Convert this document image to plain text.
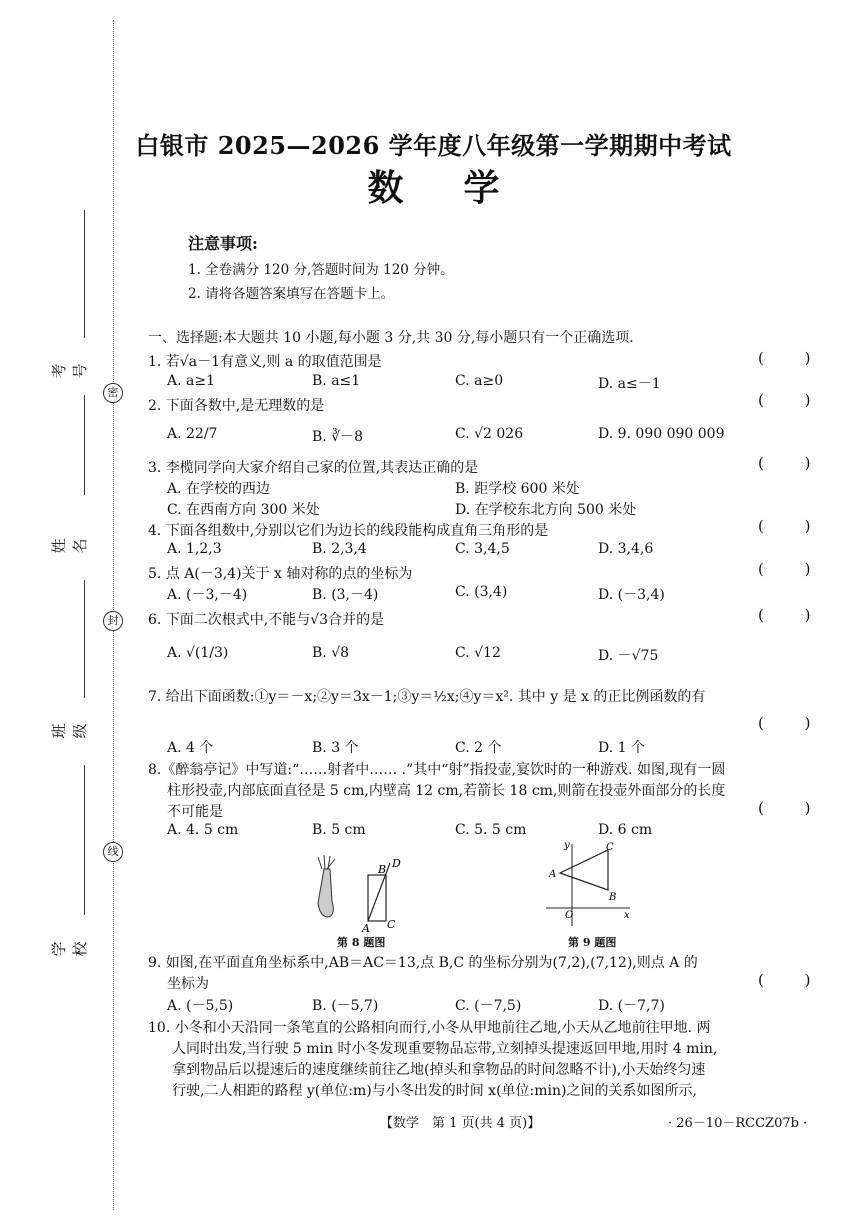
密
封
线
考号
姓名
班级
学校
白银市 2025—2026 学年度八年级第一学期期中考试
数学
注意事项:
1. 全卷满分 120 分,答题时间为 120 分钟。
2. 请将各题答案填写在答题卡上。
一、选择题:本大题共 10 小题,每小题 3 分,共 30 分,每小题只有一个正确选项.
1. 若√a－1有意义,则 a 的取值范围是	( )
A. a≥1	B. a≤1	C. a≥0	D. a≤－1
2. 下面各数中,是无理数的是	( )
A. 22/7	B. ∛－8	C. √2 026	D. 9. 090 090 009
3. 李榄同学向大家介绍自己家的位置,其表达正确的是	( )
A. 在学校的西边	B. 距学校 600 米处
C. 在西南方向 300 米处	D. 在学校东北方向 500 米处
4. 下面各组数中,分别以它们为边长的线段能构成直角三角形的是	( )
A. 1,2,3	B. 2,3,4	C. 3,4,5	D. 3,4,6
5. 点 A(－3,4)关于 x 轴对称的点的坐标为	( )
A. (－3,－4)	B. (3,－4)	C. (3,4)	D. (－3,4)
6. 下面二次根式中,不能与√3合并的是	( )
A. √(1/3)	B. √8	C. √12	D. －√75
7. 给出下面函数:①y＝－x;②y＝3x－1;③y＝½x;④y＝x². 其中 y 是 x 的正比例函数的有
( )
A. 4 个	B. 3 个	C. 2 个	D. 1 个
8.《醉翁亭记》中写道:“……射者中…… .”其中“射”指投壶,宴饮时的一种游戏. 如图,现有一圆
柱形投壶,内部底面直径是 5 cm,内壁高 12 cm,若箭长 18 cm,则箭在投壶外面部分的长度
不可能是	( )
A. 4. 5 cm	B. 5 cm	C. 5. 5 cm	D. 6 cm
A
B
C
D
第 8 题图
y	C
A
B
O	x
第 9 题图
9. 如图,在平面直角坐标系中,AB＝AC＝13,点 B,C 的坐标分别为(7,2),(7,12),则点 A 的
坐标为	( )
A. (－5,5)	B. (－5,7)	C. (－7,5)	D. (－7,7)
10. 小冬和小天沿同一条笔直的公路相向而行,小冬从甲地前往乙地,小天从乙地前往甲地. 两
人同时出发,当行驶 5 min 时小冬发现重要物品忘带,立刻掉头提速返回甲地,用时 4 min,
拿到物品后以提速后的速度继续前往乙地(掉头和拿物品的时间忽略不计),小天始终匀速
行驶,二人相距的路程 y(单位:m)与小冬出发的时间 x(单位:min)之间的关系如图所示,
【数学　第 1 页(共 4 页)】	· 26－10－RCCZ07b ·
